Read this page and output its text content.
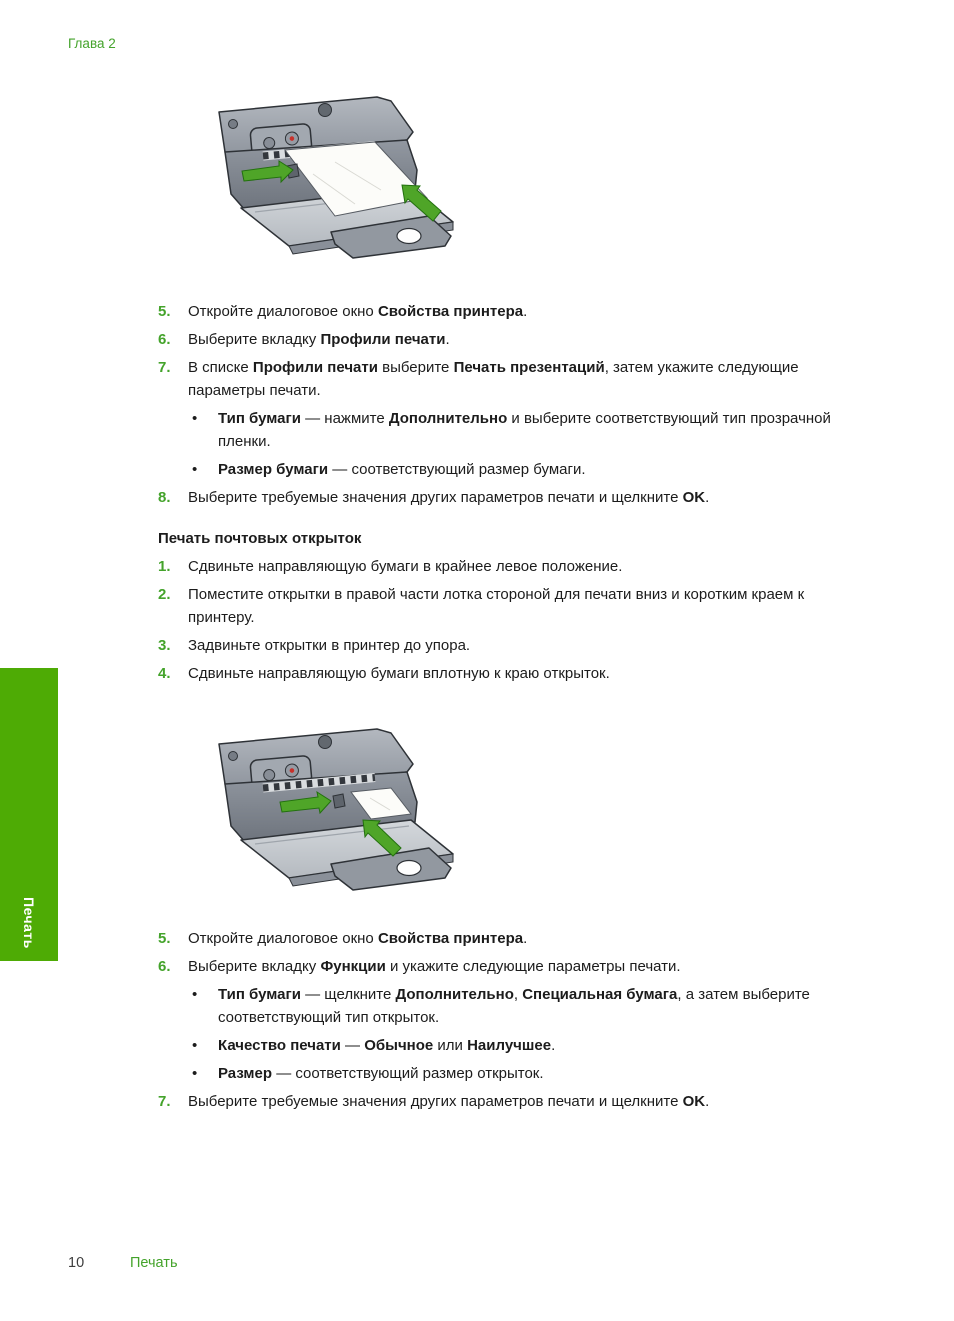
Глава 2
Печать
5.	Откройте диалоговое окно Свойства принтера.
6.	Выберите вкладку Профили печати.
7.	В списке Профили печати выберите Печать презентаций, затем укажите следующие параметры печати.
•	Тип бумаги — нажмите Дополнительно и выберите соответствующий тип прозрачной пленки.
•	Размер бумаги — соответствующий размер бумаги.
8.	Выберите требуемые значения других параметров печати и щелкните OK.
Печать почтовых открыток
1.	Сдвиньте направляющую бумаги в крайнее левое положение.
2.	Поместите открытки в правой части лотка стороной для печати вниз и коротким краем к принтеру.
3.	Задвиньте открытки в принтер до упора.
4.	Сдвиньте направляющую бумаги вплотную к краю открыток.
5.	Откройте диалоговое окно Свойства принтера.
6.	Выберите вкладку Функции и укажите следующие параметры печати.
•	Тип бумаги — щелкните Дополнительно, Специальная бумага, а затем выберите соответствующий тип открыток.
•	Качество печати — Обычное или Наилучшее.
•	Размер — соответствующий размер открыток.
7.	Выберите требуемые значения других параметров печати и щелкните OK.
10	Печать
